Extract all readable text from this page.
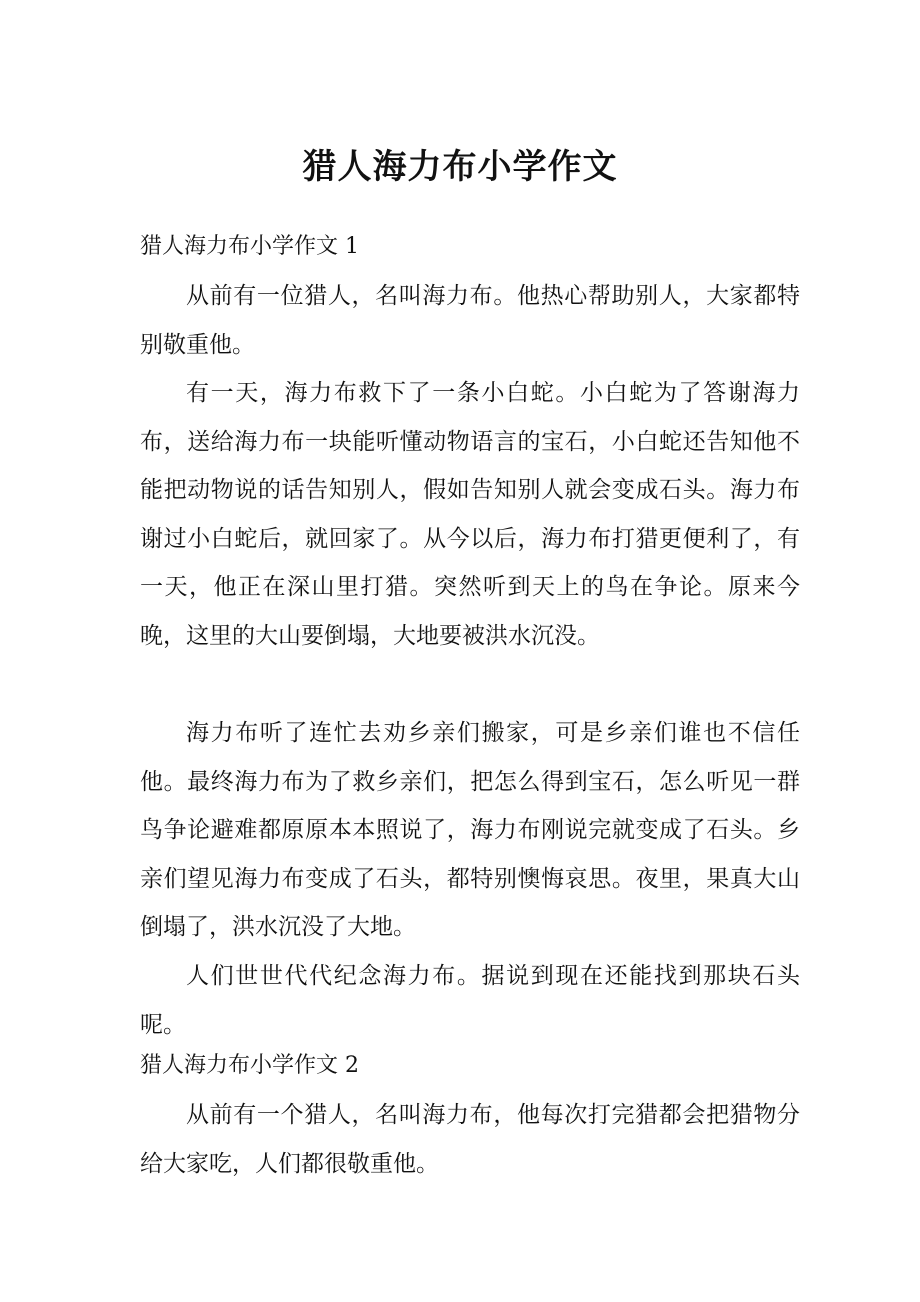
猎人海力布小学作文
猎人海力布小学作文 1

从前有一位猎人，名叫海力布。他热心帮助别人，大家都特别敬重他。

有一天，海力布救下了一条小白蛇。小白蛇为了答谢海力布，送给海力布一块能听懂动物语言的宝石，小白蛇还告知他不能把动物说的话告知别人，假如告知别人就会变成石头。海力布谢过小白蛇后，就回家了。从今以后，海力布打猎更便利了，有一天，他正在深山里打猎。突然听到天上的鸟在争论。原来今晚，这里的大山要倒塌，大地要被洪水沉没。

海力布听了连忙去劝乡亲们搬家，可是乡亲们谁也不信任他。最终海力布为了救乡亲们，把怎么得到宝石，怎么听见一群鸟争论避难都原原本本照说了，海力布刚说完就变成了石头。乡亲们望见海力布变成了石头，都特别懊悔哀思。夜里，果真大山倒塌了，洪水沉没了大地。

人们世世代代纪念海力布。据说到现在还能找到那块石头呢。

猎人海力布小学作文 2

从前有一个猎人，名叫海力布，他每次打完猎都会把猎物分给大家吃，人们都很敬重他。
